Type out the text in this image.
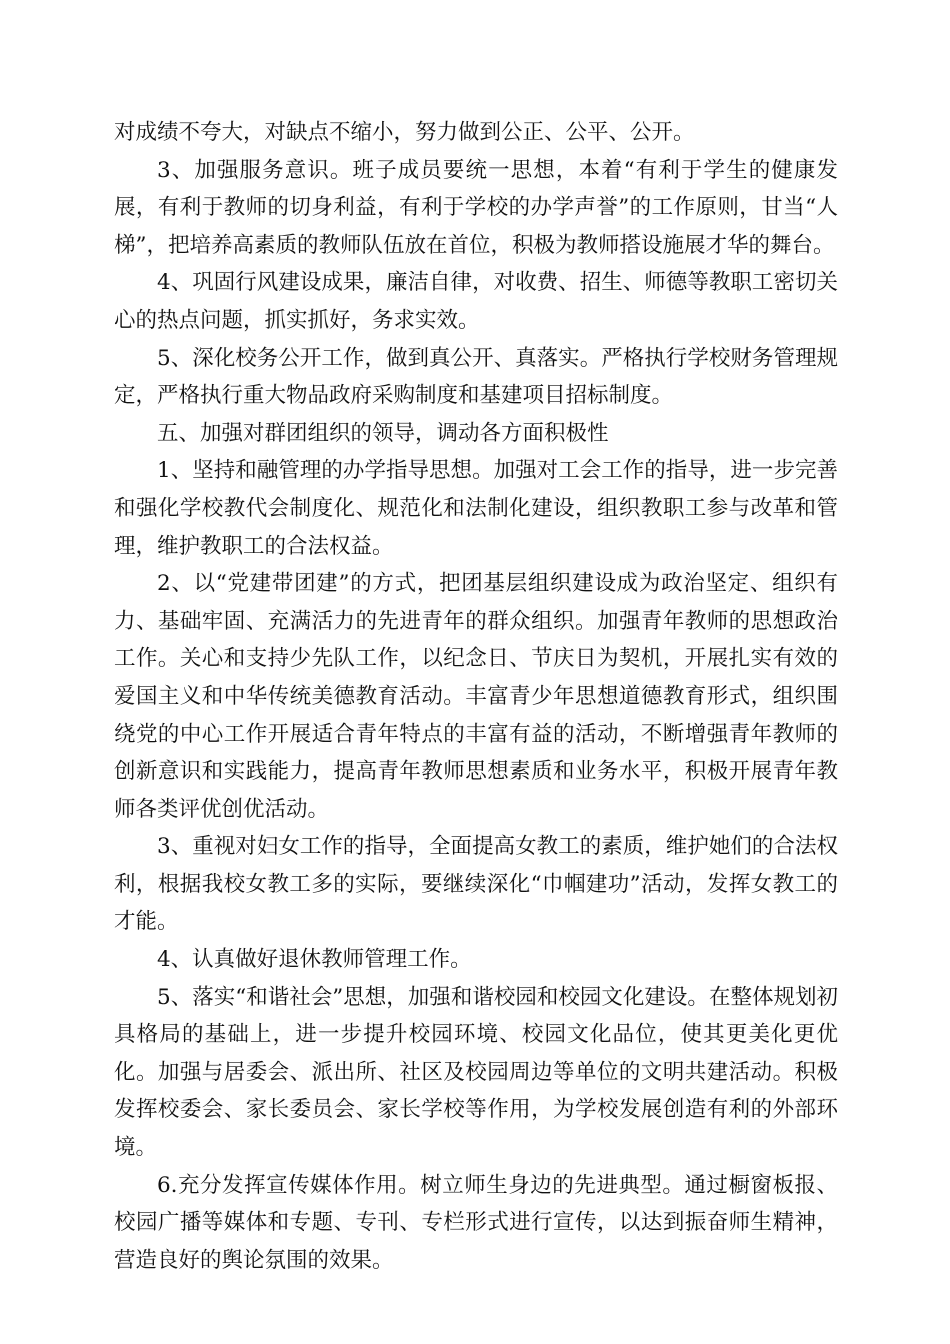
对成绩不夸大，对缺点不缩小，努力做到公正、公平、公开。

3、加强服务意识。班子成员要统一思想，本着“有利于学生的健康发展，有利于教师的切身利益，有利于学校的办学声誉”的工作原则，甘当“人梯”，把培养高素质的教师队伍放在首位，积极为教师搭设施展才华的舞台。

4、巩固行风建设成果，廉洁自律，对收费、招生、师德等教职工密切关心的热点问题，抓实抓好，务求实效。

5、深化校务公开工作，做到真公开、真落实。严格执行学校财务管理规定，严格执行重大物品政府采购制度和基建项目招标制度。

五、加强对群团组织的领导，调动各方面积极性

1、坚持和融管理的办学指导思想。加强对工会工作的指导，进一步完善和强化学校教代会制度化、规范化和法制化建设，组织教职工参与改革和管理，维护教职工的合法权益。

2、以“党建带团建”的方式，把团基层组织建设成为政治坚定、组织有力、基础牢固、充满活力的先进青年的群众组织。加强青年教师的思想政治工作。关心和支持少先队工作，以纪念日、节庆日为契机，开展扎实有效的爱国主义和中华传统美德教育活动。丰富青少年思想道德教育形式，组织围绕党的中心工作开展适合青年特点的丰富有益的活动，不断增强青年教师的创新意识和实践能力，提高青年教师思想素质和业务水平，积极开展青年教师各类评优创优活动。

3、重视对妇女工作的指导，全面提高女教工的素质，维护她们的合法权利，根据我校女教工多的实际，要继续深化“巾帼建功”活动，发挥女教工的才能。

4、认真做好退休教师管理工作。

5、落实“和谐社会”思想，加强和谐校园和校园文化建设。在整体规划初具格局的基础上，进一步提升校园环境、校园文化品位，使其更美化更优化。加强与居委会、派出所、社区及校园周边等单位的文明共建活动。积极发挥校委会、家长委员会、家长学校等作用，为学校发展创造有利的外部环境。

6.充分发挥宣传媒体作用。树立师生身边的先进典型。通过橱窗板报、校园广播等媒体和专题、专刊、专栏形式进行宣传，以达到振奋师生精神，营造良好的舆论氛围的效果。
